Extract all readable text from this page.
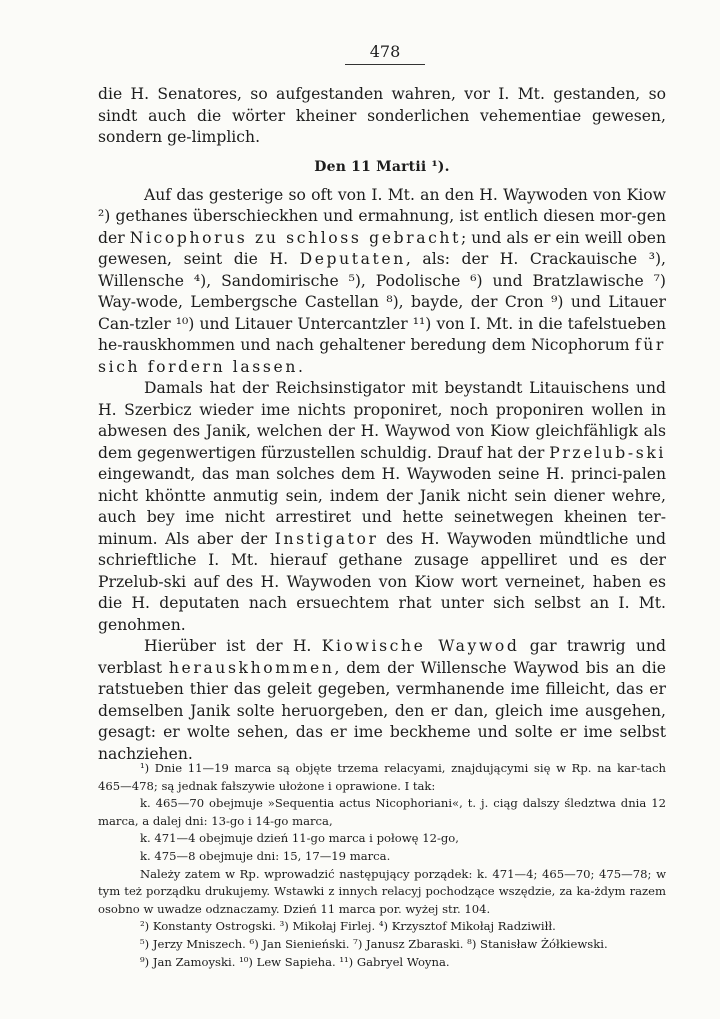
478

die H. Senatores, so aufgestanden wahren, vor I. Mt. gestanden, so sindt auch die wörter kheiner sonderlichen vehementiae gewesen, sondern ge-limplich.

Den 11 Martii ¹).

Auf das gesterige so oft von I. Mt. an den H. Waywoden von Kiow ²) gethanes überschieckhen und ermahnung, ist entlich diesen mor-gen der Nicophorus zu schloss gebracht; und als er ein weill oben gewesen, seint die H. Deputaten, als: der H. Crackauische ³), Willensche ⁴), Sandomirische ⁵), Podolische ⁶) und Bratzlawische ⁷) Way-wode, Lembergsche Castellan ⁸), bayde, der Cron ⁹) und Litauer Can-tzler ¹⁰) und Litauer Untercantzler ¹¹) von I. Mt. in die tafelstueben he-rauskhommen und nach gehaltener beredung dem Nicophorum für sich fordern lassen.

Damals hat der Reichsinstigator mit beystandt Litauischens und H. Szerbicz wieder ime nichts proponiret, noch proponiren wollen in abwesen des Janik, welchen der H. Waywod von Kiow gleichfähligk als dem gegenwertigen fürzustellen schuldig. Drauf hat der Przelub-ski eingewandt, das man solches dem H. Waywoden seine H. princi-palen nicht khöntte anmutig sein, indem der Janik nicht sein diener wehre, auch bey ime nicht arrestiret und hette seinetwegen kheinen ter-minum. Als aber der Instigator des H. Waywoden mündtliche und schrieftliche I. Mt. hierauf gethane zusage appelliret und es der Przelub-ski auf des H. Waywoden von Kiow wort verneinet, haben es die H. deputaten nach ersuechtem rhat unter sich selbst an I. Mt. genohmen.

Hierüber ist der H. Kiowische Waywod gar trawrig und verblast herauskhommen, dem der Willensche Waywod bis an die ratstueben thier das geleit gegeben, vermhanende ime filleicht, das er demselben Janik solte heruorgeben, den er dan, gleich ime ausgehen, gesagt: er wolte sehen, das er ime beckheme und solte er ime selbst nachziehen.

¹) Dnie 11—19 marca są objęte trzema relacyami, znajdującymi się w Rp. na kar-tach 465—478; są jednak fałszywie ułożone i oprawione. I tak:

k. 465—70 obejmuje »Sequentia actus Nicophoriani«, t. j. ciąg dalszy śledztwa dnia 12 marca, a dalej dni: 13-go i 14-go marca,

k. 471—4 obejmuje dzień 11-go marca i połowę 12-go,

k. 475—8 obejmuje dni: 15, 17—19 marca.

Należy zatem w Rp. wprowadzić następujący porządek: k. 471—4; 465—70; 475—78; w tym też porządku drukujemy. Wstawki z innych relacyj pochodzące wszędzie, za ka-żdym razem osobno w uwadze odznaczamy. Dzień 11 marca por. wyżej str. 104.

²) Konstanty Ostrogski. ³) Mikołaj Firlej. ⁴) Krzysztof Mikołaj Radziwiłł.

⁵) Jerzy Mniszech. ⁶) Jan Sienieński. ⁷) Janusz Zbaraski. ⁸) Stanisław Żółkiewski.

⁹) Jan Zamoyski. ¹⁰) Lew Sapieha. ¹¹) Gabryel Woyna.
